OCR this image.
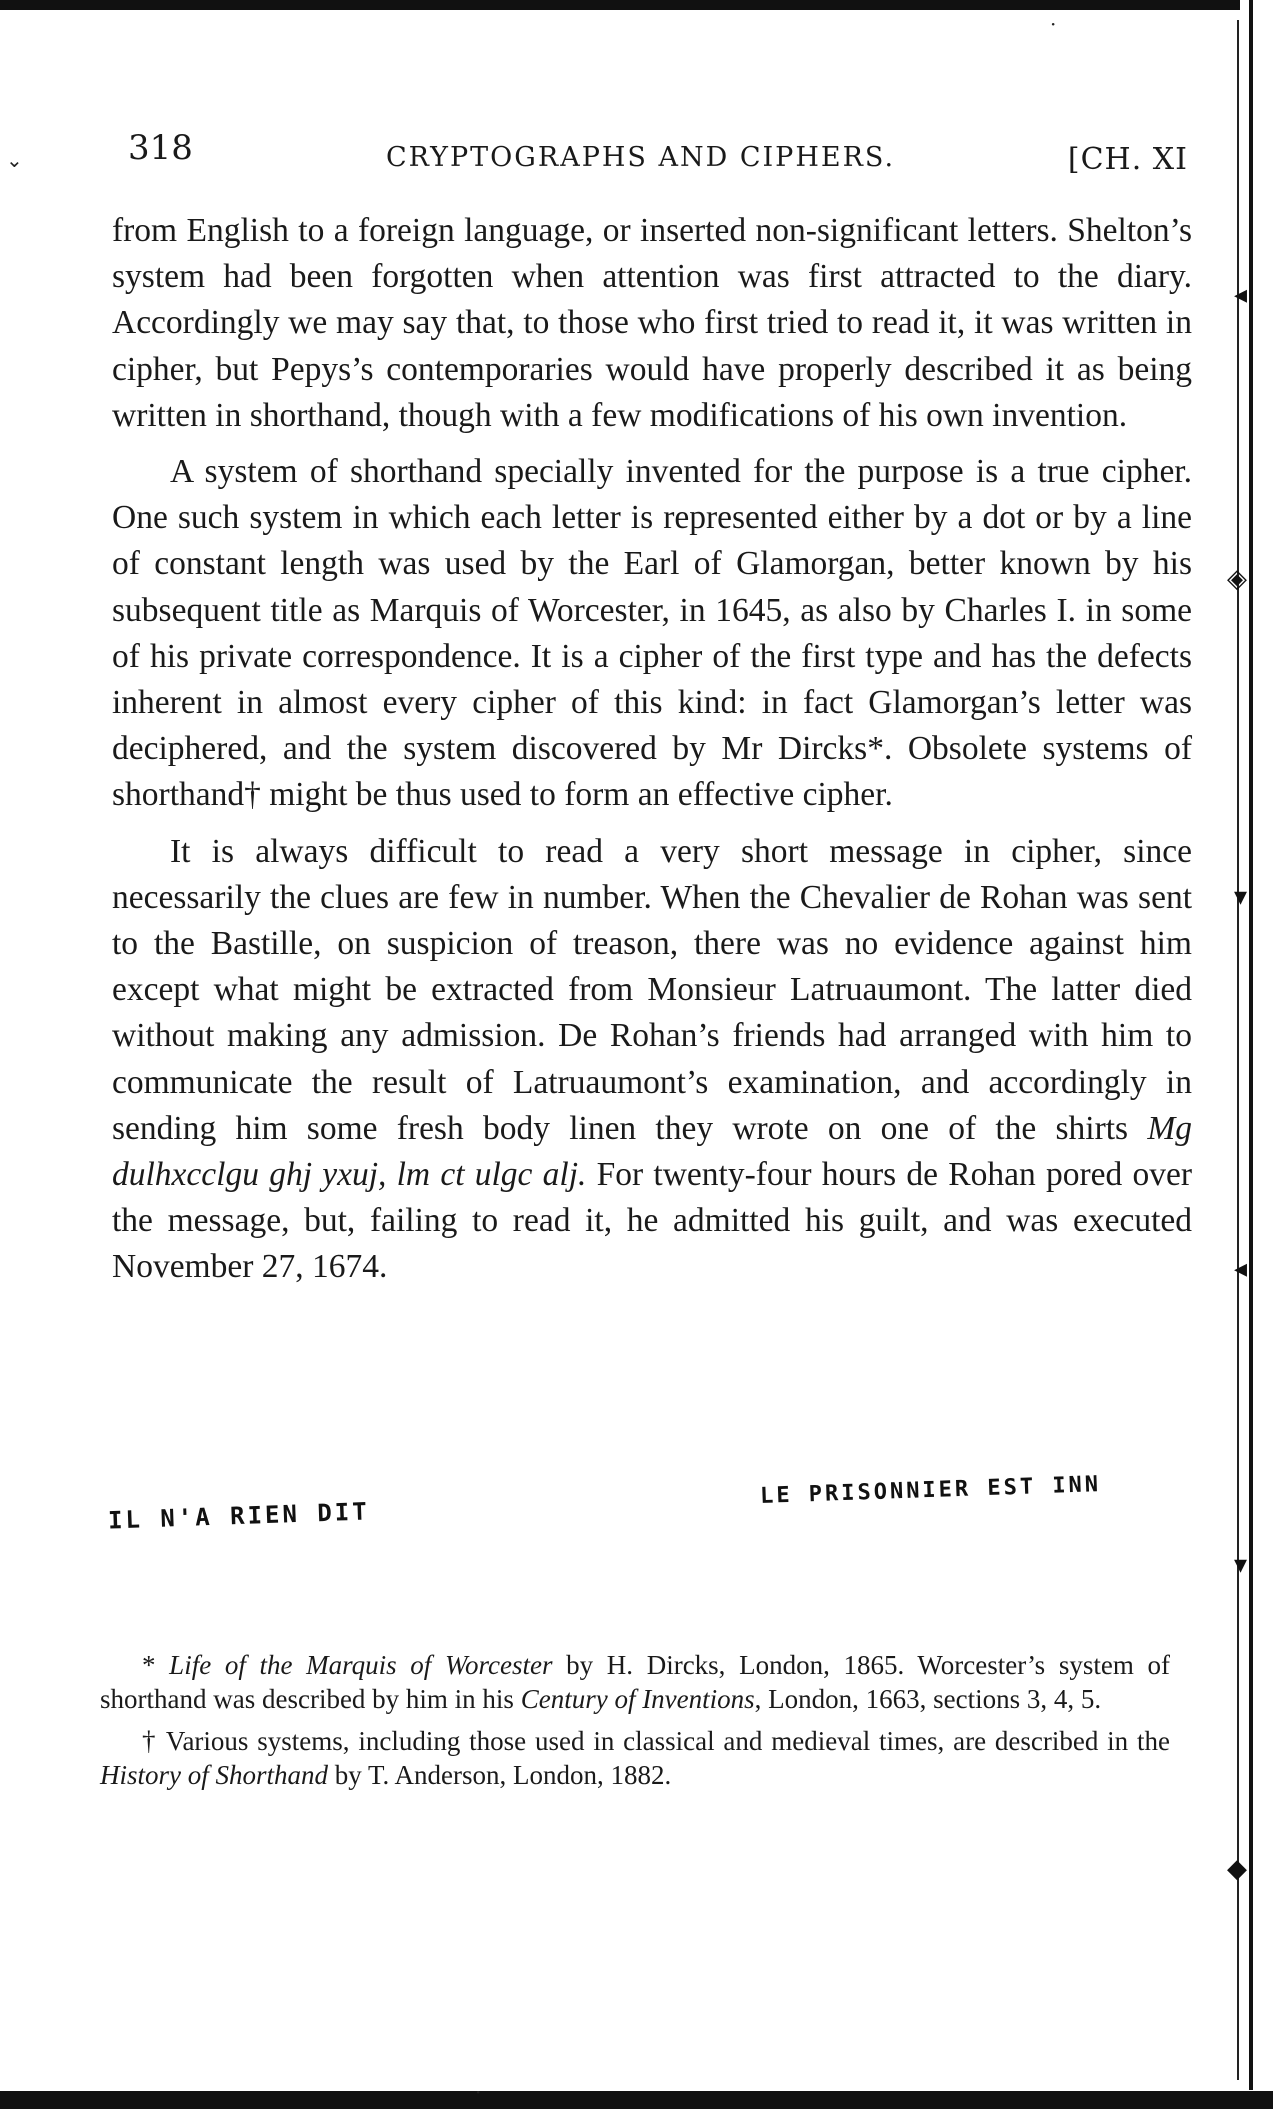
◂
◈
▾
◂
▾
◆
·
⌄
·
318	CRYPTOGRAPHS AND CIPHERS.	[CH. XI

from English to a foreign language, or inserted non-significant letters. Shelton’s system had been forgotten when attention was first attracted to the diary. Accordingly we may say that, to those who first tried to read it, it was written in cipher, but Pepys’s contemporaries would have properly described it as being written in shorthand, though with a few modifications of his own invention.

A system of shorthand specially invented for the purpose is a true cipher. One such system in which each letter is represented either by a dot or by a line of constant length was used by the Earl of Glamorgan, better known by his subsequent title as Marquis of Worcester, in 1645, as also by Charles I. in some of his private correspondence. It is a cipher of the first type and has the defects inherent in almost every cipher of this kind: in fact Glamorgan’s letter was deciphered, and the system discovered by Mr Dircks*. Obsolete systems of shorthand† might be thus used to form an effective cipher.

It is always difficult to read a very short message in cipher, since necessarily the clues are few in number. When the Chevalier de Rohan was sent to the Bastille, on suspicion of treason, there was no evidence against him except what might be extracted from Monsieur Latruaumont. The latter died without making any admission. De Rohan’s friends had arranged with him to communicate the result of Latruaumont’s examination, and accordingly in sending him some fresh body linen they wrote on one of the shirts Mg dulhxcclgu ghj yxuj, lm ct ulgc alj. For twenty-four hours de Rohan pored over the message, but, failing to read it, he admitted his guilt, and was executed November 27, 1674.

LE PRISONNIER EST INN
IL N'A RIEN DIT

* Life of the Marquis of Worcester by H. Dircks, London, 1865. Worcester’s system of shorthand was described by him in his Century of Inventions, London, 1663, sections 3, 4, 5.

† Various systems, including those used in classical and medieval times, are described in the History of Shorthand by T. Anderson, London, 1882.
